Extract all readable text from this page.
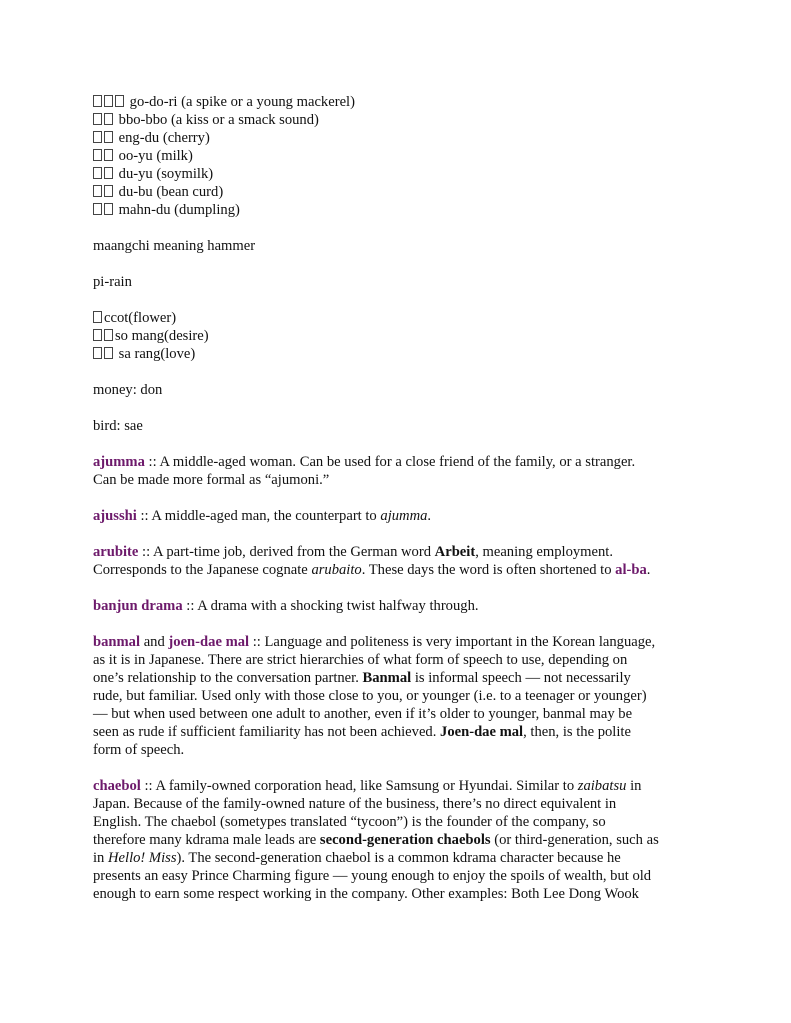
go-do-ri (a spike or a young mackerel)
bbo-bbo (a kiss or a smack sound)
eng-du (cherry)
oo-yu (milk)
du-yu (soymilk)
du-bu (bean curd)
mahn-du (dumpling)
maangchi meaning hammer
pi-rain
ccot(flower)
so mang(desire)
sa rang(love)
money: don
bird: sae
ajumma :: A middle-aged woman. Can be used for a close friend of the family, or a stranger.
Can be made more formal as “ajumoni.”
ajusshi :: A middle-aged man, the counterpart to ajumma.
arubite :: A part-time job, derived from the German word Arbeit, meaning employment.
Corresponds to the Japanese cognate arubaito. These days the word is often shortened to al-ba.
banjun drama :: A drama with a shocking twist halfway through.
banmal and joen-dae mal :: Language and politeness is very important in the Korean language,
as it is in Japanese. There are strict hierarchies of what form of speech to use, depending on
one’s relationship to the conversation partner. Banmal is informal speech — not necessarily
rude, but familiar. Used only with those close to you, or younger (i.e. to a teenager or younger)
— but when used between one adult to another, even if it’s older to younger, banmal may be
seen as rude if sufficient familiarity has not been achieved. Joen-dae mal, then, is the polite
form of speech.
chaebol :: A family-owned corporation head, like Samsung or Hyundai. Similar to zaibatsu in
Japan. Because of the family-owned nature of the business, there’s no direct equivalent in
English. The chaebol (sometypes translated “tycoon”) is the founder of the company, so
therefore many kdrama male leads are second-generation chaebols (or third-generation, such as
in Hello! Miss). The second-generation chaebol is a common kdrama character because he
presents an easy Prince Charming figure — young enough to enjoy the spoils of wealth, but old
enough to earn some respect working in the company. Other examples: Both Lee Dong Wook
